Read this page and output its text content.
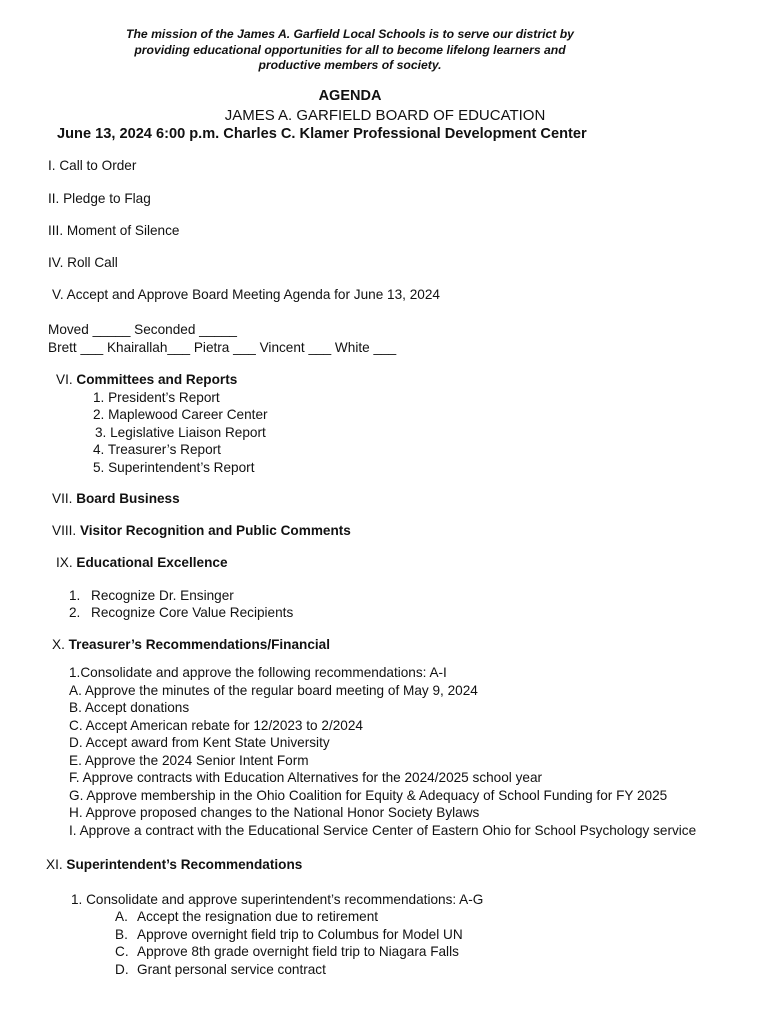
The mission of the James A. Garfield Local Schools is to serve our district by
providing educational opportunities for all to become lifelong learners and
productive members of society.
AGENDA
JAMES A. GARFIELD BOARD OF EDUCATION
June 13, 2024 6:00 p.m. Charles C. Klamer Professional Development Center
I. Call to Order
II. Pledge to Flag
III. Moment of Silence
IV. Roll Call
V. Accept and Approve Board Meeting Agenda for June 13, 2024
Moved _____ Seconded _____
Brett ___ Khairallah___ Pietra ___ Vincent ___ White ___
VI. Committees and Reports
1. President’s Report
2. Maplewood Career Center
3. Legislative Liaison Report
4. Treasurer’s Report
5. Superintendent’s Report
VII. Board Business
VIII. Visitor Recognition and Public Comments
IX. Educational Excellence
1. Recognize Dr. Ensinger
2. Recognize Core Value Recipients
X. Treasurer’s Recommendations/Financial
1.Consolidate and approve the following recommendations: A-I
A. Approve the minutes of the regular board meeting of May 9, 2024
B. Accept donations
C. Accept American rebate for 12/2023 to 2/2024
D. Accept award from Kent State University
E. Approve the 2024 Senior Intent Form
F. Approve contracts with Education Alternatives for the 2024/2025 school year
G. Approve membership in the Ohio Coalition for Equity & Adequacy of School Funding for FY 2025
H. Approve proposed changes to the National Honor Society Bylaws
I. Approve a contract with the Educational Service Center of Eastern Ohio for School Psychology service
XI. Superintendent’s Recommendations
1. Consolidate and approve superintendent’s recommendations: A-G
A. Accept the resignation due to retirement
B. Approve overnight field trip to Columbus for Model UN
C. Approve 8th grade overnight field trip to Niagara Falls
D. Grant personal service contract
